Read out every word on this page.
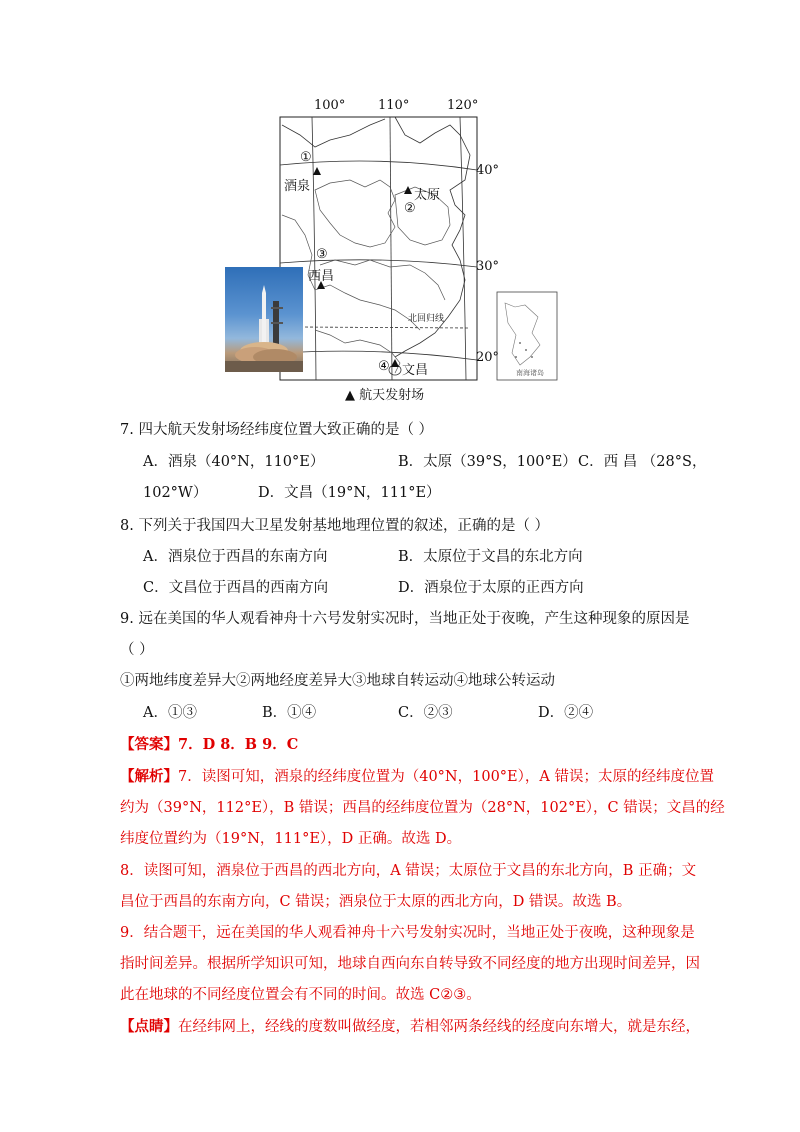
100°	110°	120°
40°
30°
20°
①
酒泉
太原
②
③
西昌
④ 文昌
北回归线
南海诸岛
▲ 航天发射场
7. 四大航天发射场经纬度位置大致正确的是（ ）
A．酒泉（40°N，110°E）	B．太原（39°S，100°E） C．西 昌 （28°S，
102°W）	D．文昌（19°N，111°E）
8. 下列关于我国四大卫星发射基地地理位置的叙述，正确的是（ ）
A．酒泉位于西昌的东南方向	B．太原位于文昌的东北方向
C．文昌位于西昌的西南方向	D．酒泉位于太原的正西方向
9. 远在美国的华人观看神舟十六号发射实况时，当地正处于夜晚，产生这种现象的原因是
（ ）
①两地纬度差异大②两地经度差异大③地球自转运动④地球公转运动
A．①③	B．①④	C．②③	D．②④
【答案】7．D 8．B 9．C
【解析】7．读图可知，酒泉的经纬度位置为（40°N，100°E），A 错误；太原的经纬度位置
约为（39°N，112°E），B 错误；西昌的经纬度位置为（28°N，102°E），C 错误；文昌的经
纬度位置约为（19°N，111°E），D 正确。故选 D。
8．读图可知，酒泉位于西昌的西北方向，A 错误；太原位于文昌的东北方向，B 正确；文
昌位于西昌的东南方向，C 错误；酒泉位于太原的西北方向，D 错误。故选 B。
9．结合题干，远在美国的华人观看神舟十六号发射实况时，当地正处于夜晚，这种现象是
指时间差异。根据所学知识可知，地球自西向东自转导致不同经度的地方出现时间差异，因
此在地球的不同经度位置会有不同的时间。故选 C②③。
【点睛】在经纬网上，经线的度数叫做经度，若相邻两条经线的经度向东增大，就是东经，
